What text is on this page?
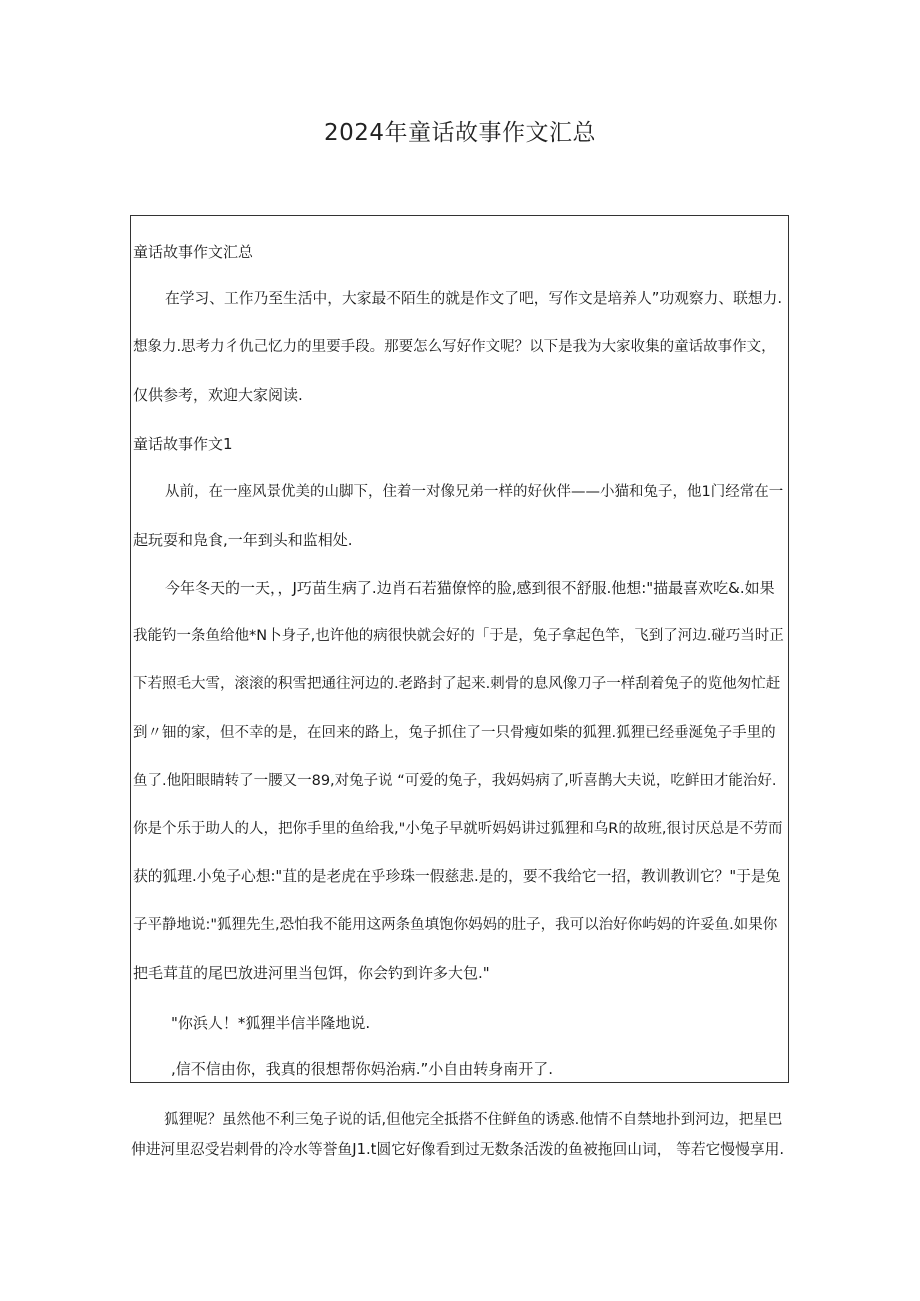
2024年童话故事作文汇总
童话故事作文汇总
在学习、工作乃至生活中，大家最不陌生的就是作文了吧，写作文是培养人”功观察力、联想力.
想象力.思考力彳仇己忆力的里要手段。那要怎么写好作文呢？以下是我为大家收集的童话故事作文，
仅供参考，欢迎大家阅读.
童话故事作文1
从前，在一座风景优美的山脚下，住着一对像兄弟一样的好伙伴——小猫和兔子，他1门经常在一
起玩耍和凫食,一年到头和监相处.
今年冬天的一天，，J巧苗生病了.边肖石若猫僚悴的脸,感到很不舒服.他想:"描最喜欢吃&.如果
我能钓一条鱼给他*N卜身子,也许他的病很快就会好的「于是，兔子拿起色竿，飞到了河边.碰巧当时正
下若照毛大雪，滚滚的积雪把通往河边的.老路封了起来.刺骨的息风像刀子一样刮着兔子的览他匆忙赶
到〃钿的家，但不幸的是，在回来的路上，兔子抓住了一只骨瘦如柴的狐狸.狐狸已经垂涎兔子手里的
鱼了.他阳眼睛转了一腰又一89,对兔子说 “可爱的兔子，我妈妈病了,听喜鹊大夫说，吃鲜田才能治好.
你是个乐于助人的人，把你手里的鱼给我,"小兔子早就听妈妈讲过狐狸和乌R的故班,很讨厌总是不劳而
获的狐理.小兔子心想:"苴的是老虎在乎珍珠一假慈悲.是的，要不我给它一招，教训教训它？"于是兔
子平静地说:"狐狸先生,恐怕我不能用这两条鱼填饱你妈妈的肚子，我可以治好你屿妈的许妥鱼.如果你
把毛茸苴的尾巴放进河里当包饵，你会钓到许多大包."
"你浜人！*狐狸半信半隆地说.
,信不信由你，我真的很想帮你妈治病.”小自由转身南开了.
狐狸呢？虽然他不利三兔子说的话,但他完全抵搭不住鲜鱼的诱惑.他情不自禁地扑到河边，把星巴
伸进河里忍受岩剌骨的冷水等誉鱼J1.t圆它好像看到过无数条活泼的鱼被拖回山词， 等若它慢慢享用.
